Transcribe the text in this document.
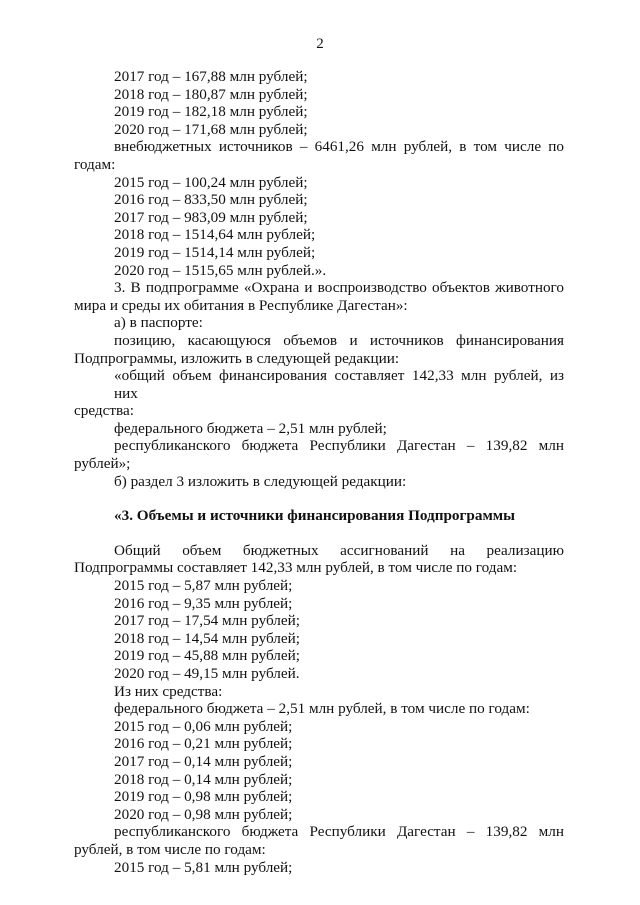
2
2017 год – 167,88 млн рублей;
2018 год – 180,87 млн рублей;
2019 год – 182,18 млн рублей;
2020 год – 171,68 млн рублей;
внебюджетных источников – 6461,26 млн рублей, в том числе по
годам:
2015 год – 100,24 млн рублей;
2016 год – 833,50 млн рублей;
2017 год – 983,09 млн рублей;
2018 год – 1514,64 млн рублей;
2019 год – 1514,14 млн рублей;
2020 год – 1515,65 млн рублей.».
3. В подпрограмме «Охрана и воспроизводство объектов животного
мира и среды их обитания в Республике Дагестан»:
а) в паспорте:
позицию, касающуюся объемов и источников финансирования
Подпрограммы, изложить в следующей редакции:
«общий объем финансирования составляет 142,33 млн рублей, из них
средства:
федерального бюджета – 2,51 млн рублей;
республиканского бюджета Республики Дагестан – 139,82 млн
рублей»;
б) раздел 3 изложить в следующей редакции:
«3. Объемы и источники финансирования Подпрограммы
Общий объем бюджетных ассигнований на реализацию
Подпрограммы составляет 142,33 млн рублей, в том числе по годам:
2015 год – 5,87 млн рублей;
2016 год – 9,35 млн рублей;
2017 год – 17,54 млн рублей;
2018 год – 14,54 млн рублей;
2019 год – 45,88 млн рублей;
2020 год – 49,15 млн рублей.
Из них средства:
федерального бюджета – 2,51 млн рублей, в том числе по годам:
2015 год – 0,06 млн рублей;
2016 год – 0,21 млн рублей;
2017 год – 0,14 млн рублей;
2018 год – 0,14 млн рублей;
2019 год – 0,98 млн рублей;
2020 год – 0,98 млн рублей;
республиканского бюджета Республики Дагестан – 139,82 млн
рублей, в том числе по годам:
2015 год – 5,81 млн рублей;
